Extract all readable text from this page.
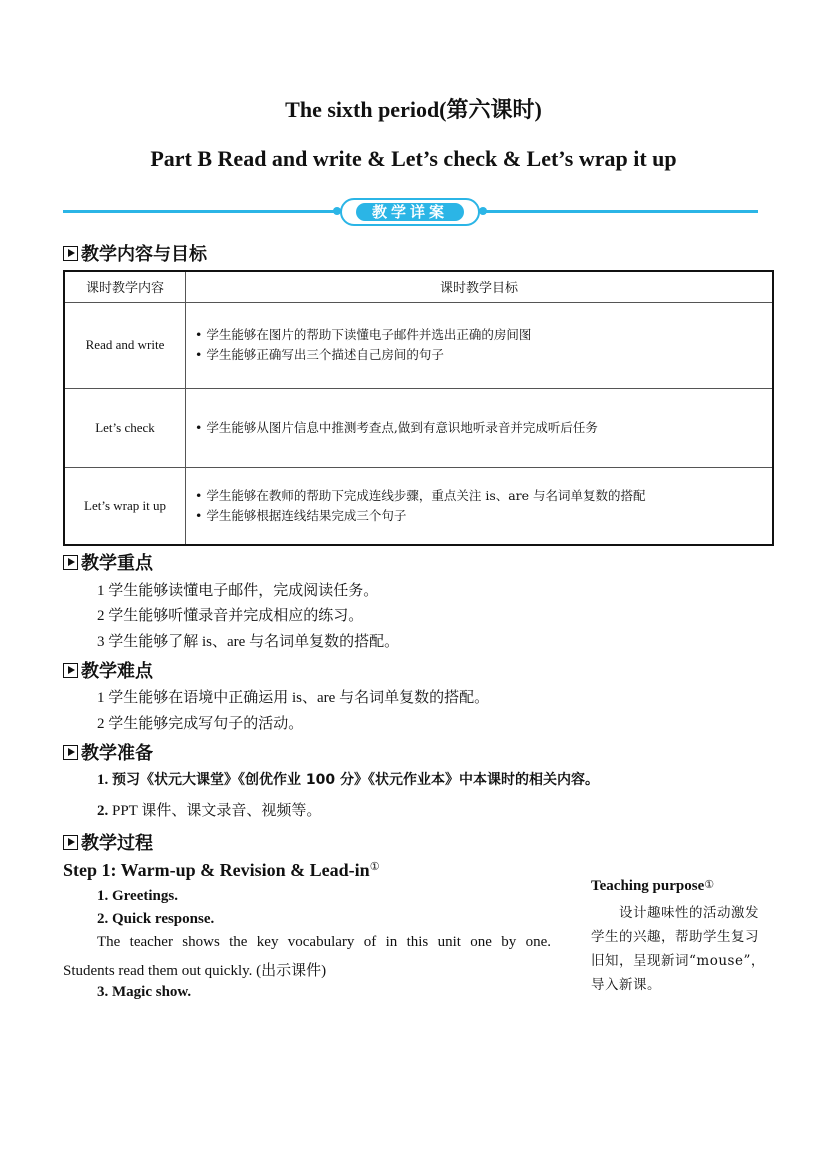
The sixth period(第六课时)
Part B Read and write & Let’s check & Let’s wrap it up
教学详案
教学内容与目标
课时教学内容	课时教学目标
Read and write	• 学生能够在图片的帮助下读懂电子邮件并选出正确的房间图
• 学生能够正确写出三个描述自己房间的句子

Let’s check	• 学生能够从图片信息中推测考查点,做到有意识地听录音并完成听后任务

Let’s wrap it up	• 学生能够在教师的帮助下完成连线步骤，重点关注 is、are 与名词单复数的搭配
• 学生能够根据连线结果完成三个句子
教学重点
1 学生能够读懂电子邮件，完成阅读任务。
2 学生能够听懂录音并完成相应的练习。
3 学生能够了解 is、are 与名词单复数的搭配。
教学难点
1 学生能够在语境中正确运用 is、are 与名词单复数的搭配。
2 学生能够完成写句子的活动。
教学准备
1. 预习《状元大课堂》《创优作业 100 分》《状元作业本》中本课时的相关内容。
2. PPT 课件、课文录音、视频等。
教学过程
Step 1: Warm-up & Revision & Lead-in①
1. Greetings.
2. Quick response.
The teacher shows the key vocabulary of in this unit one by one.
Students read them out quickly. (出示课件)
3. Magic show.
Teaching purpose①
设计趣味性的活动激发学生的兴趣，帮助学生复习旧知，呈现新词“mouse”，导入新课。
